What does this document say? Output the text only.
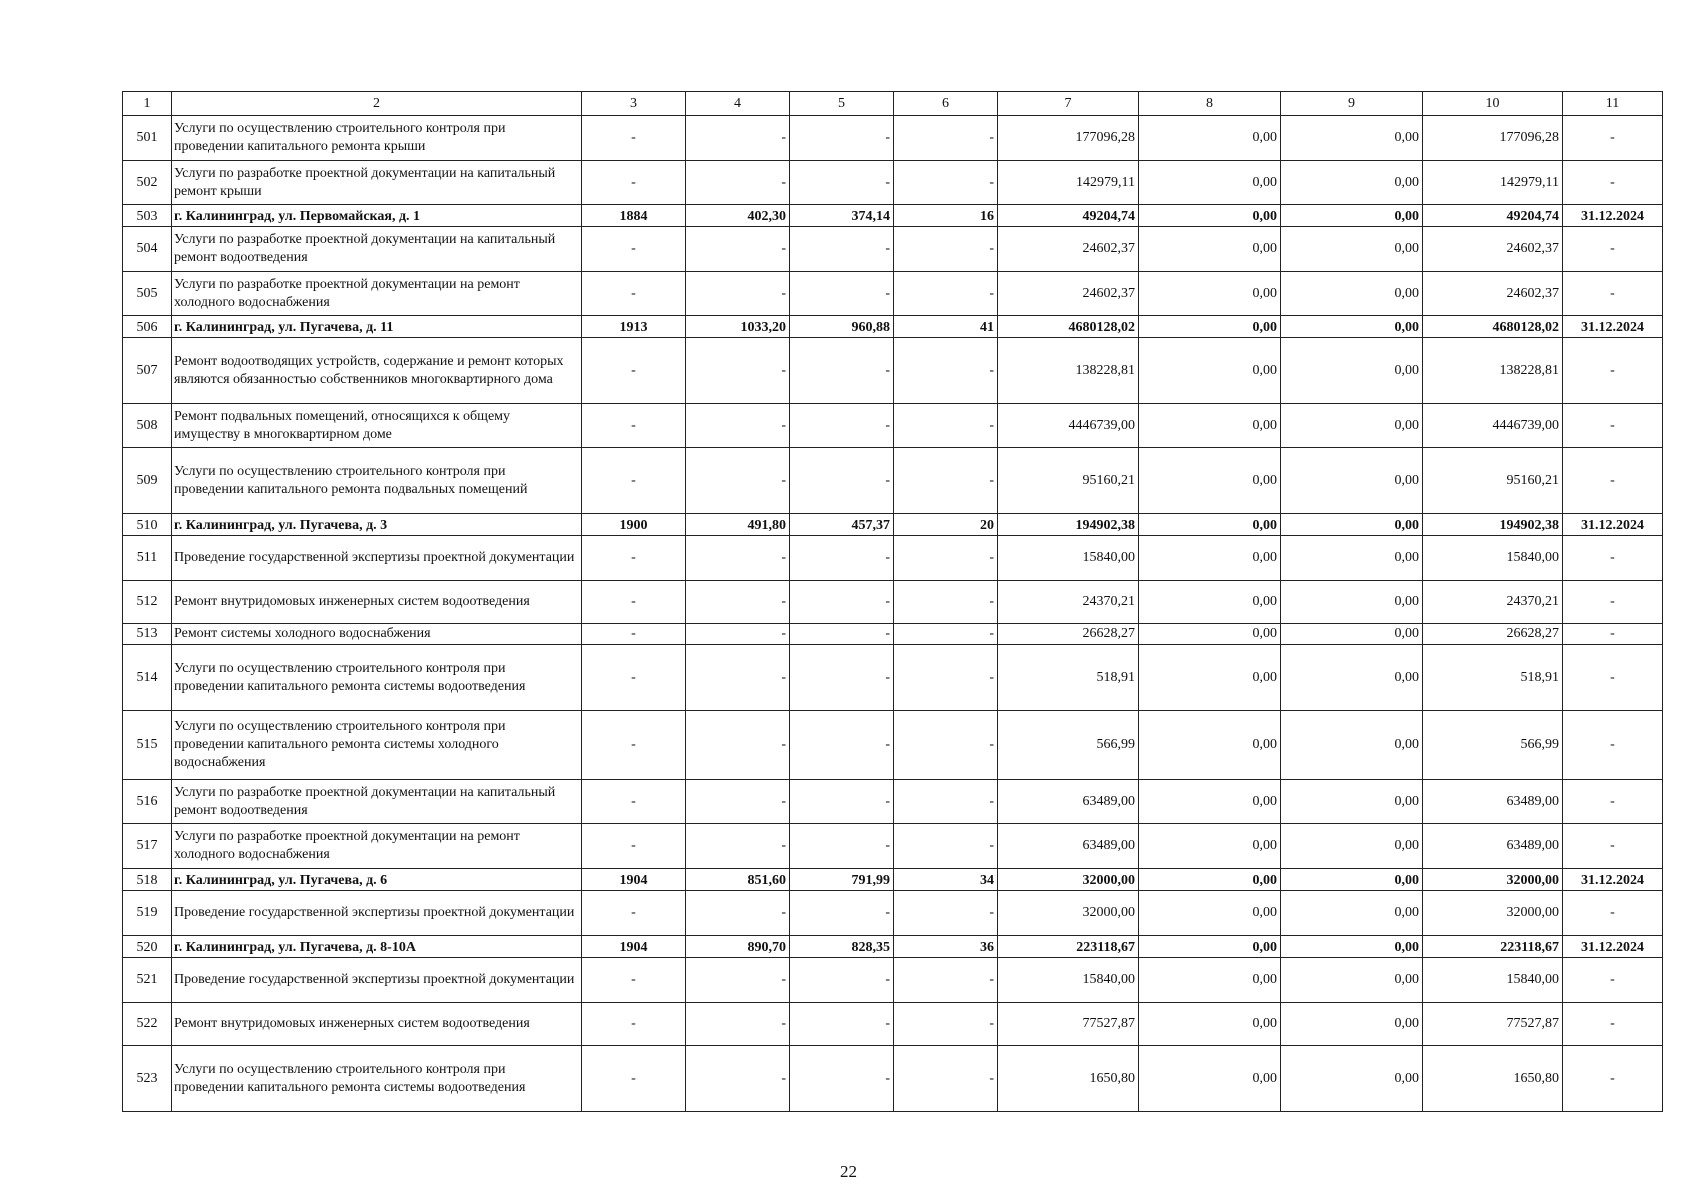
1	2	3	4	5	6	7	8	9	10	11
501	Услуги по осуществлению строительного контроля при проведении капитального ремонта крыши	-	-	-	-	177096,28	0,00	0,00	177096,28	-
502	Услуги по разработке проектной документации на капитальный ремонт крыши	-	-	-	-	142979,11	0,00	0,00	142979,11	-
503	г. Калининград, ул. Первомайская, д. 1	1884	402,30	374,14	16	49204,74	0,00	0,00	49204,74	31.12.2024
504	Услуги по разработке проектной документации на капитальный ремонт водоотведения	-	-	-	-	24602,37	0,00	0,00	24602,37	-
505	Услуги по разработке проектной документации на ремонт холодного водоснабжения	-	-	-	-	24602,37	0,00	0,00	24602,37	-
506	г. Калининград, ул. Пугачева, д. 11	1913	1033,20	960,88	41	4680128,02	0,00	0,00	4680128,02	31.12.2024
507	Ремонт водоотводящих устройств, содержание и ремонт которых являются обязанностью собственников многоквартирного дома	-	-	-	-	138228,81	0,00	0,00	138228,81	-
508	Ремонт подвальных помещений, относящихся к общему имуществу в многоквартирном доме	-	-	-	-	4446739,00	0,00	0,00	4446739,00	-
509	Услуги по осуществлению строительного контроля при проведении капитального ремонта подвальных помещений	-	-	-	-	95160,21	0,00	0,00	95160,21	-
510	г. Калининград, ул. Пугачева, д. 3	1900	491,80	457,37	20	194902,38	0,00	0,00	194902,38	31.12.2024
511	Проведение государственной экспертизы проектной документации	-	-	-	-	15840,00	0,00	0,00	15840,00	-
512	Ремонт внутридомовых инженерных систем водоотведения	-	-	-	-	24370,21	0,00	0,00	24370,21	-
513	Ремонт системы холодного водоснабжения	-	-	-	-	26628,27	0,00	0,00	26628,27	-
514	Услуги по осуществлению строительного контроля при проведении капитального ремонта системы водоотведения	-	-	-	-	518,91	0,00	0,00	518,91	-
515	Услуги по осуществлению строительного контроля при проведении капитального ремонта системы холодного водоснабжения	-	-	-	-	566,99	0,00	0,00	566,99	-
516	Услуги по разработке проектной документации на капитальный ремонт водоотведения	-	-	-	-	63489,00	0,00	0,00	63489,00	-
517	Услуги по разработке проектной документации на ремонт холодного водоснабжения	-	-	-	-	63489,00	0,00	0,00	63489,00	-
518	г. Калининград, ул. Пугачева, д. 6	1904	851,60	791,99	34	32000,00	0,00	0,00	32000,00	31.12.2024
519	Проведение государственной экспертизы проектной документации	-	-	-	-	32000,00	0,00	0,00	32000,00	-
520	г. Калининград, ул. Пугачева, д. 8-10А	1904	890,70	828,35	36	223118,67	0,00	0,00	223118,67	31.12.2024
521	Проведение государственной экспертизы проектной документации	-	-	-	-	15840,00	0,00	0,00	15840,00	-
522	Ремонт внутридомовых инженерных систем водоотведения	-	-	-	-	77527,87	0,00	0,00	77527,87	-
523	Услуги по осуществлению строительного контроля при проведении капитального ремонта системы водоотведения	-	-	-	-	1650,80	0,00	0,00	1650,80	-
22
